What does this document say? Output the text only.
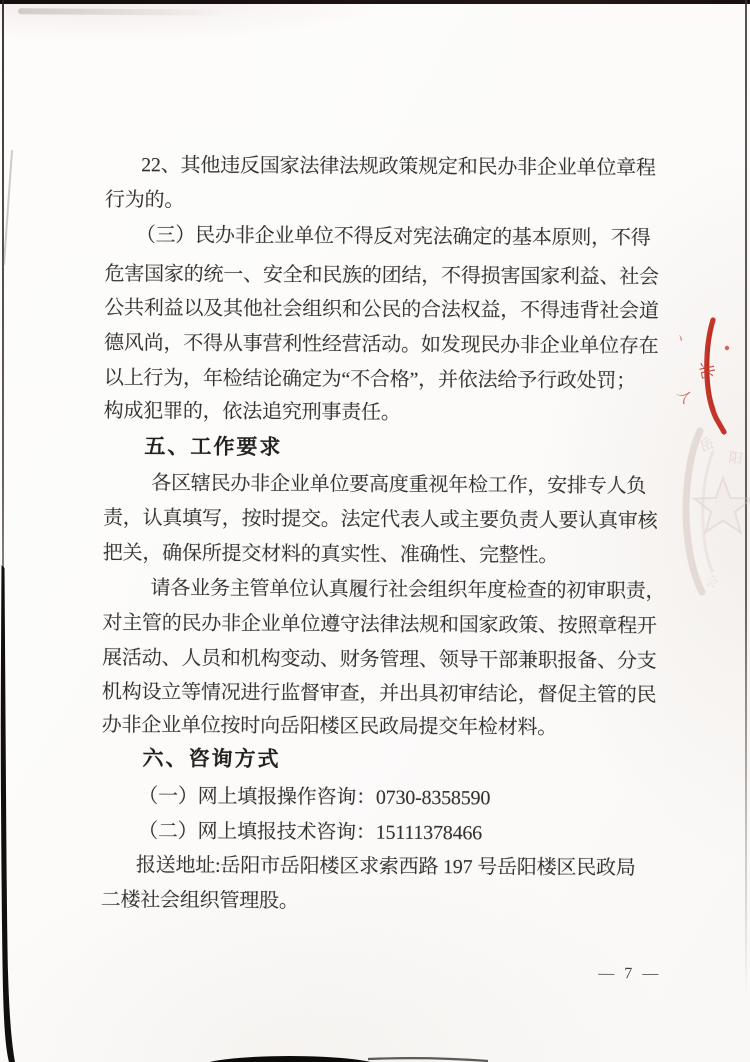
岳
阳
会
丶
北
人
22、其他违反国家法律法规政策规定和民办非企业单位章程
行为的。
（三）民办非企业单位不得反对宪法确定的基本原则，不得
危害国家的统一、安全和民族的团结，不得损害国家利益、社会
公共利益以及其他社会组织和公民的合法权益，不得违背社会道
德风尚，不得从事营利性经营活动。如发现民办非企业单位存在
以上行为，年检结论确定为“不合格”，并依法给予行政处罚；
构成犯罪的，依法追究刑事责任。
五、工作要求
各区辖民办非企业单位要高度重视年检工作，安排专人负
责，认真填写，按时提交。法定代表人或主要负责人要认真审核
把关，确保所提交材料的真实性、准确性、完整性。
请各业务主管单位认真履行社会组织年度检查的初审职责，
对主管的民办非企业单位遵守法律法规和国家政策、按照章程开
展活动、人员和机构变动、财务管理、领导干部兼职报备、分支
机构设立等情况进行监督审查，并出具初审结论，督促主管的民
办非企业单位按时向岳阳楼区民政局提交年检材料。
六、咨询方式
（一）网上填报操作咨询：0730-8358590
（二）网上填报技术咨询：15111378466
报送地址:岳阳市岳阳楼区求索西路 197 号岳阳楼区民政局
二楼社会组织管理股。
— 7 —
